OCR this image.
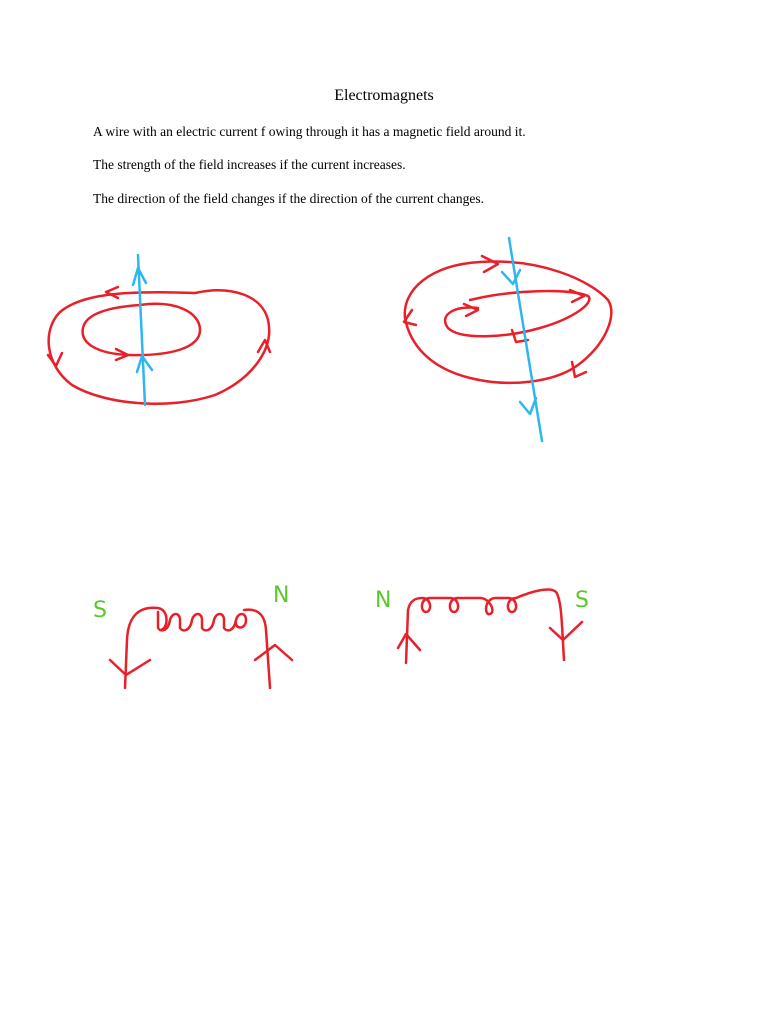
Electromagnets
A wire with an electric current f owing through it has a magnetic field around it.
The strength of the field increases if the current increases.
The direction of the field changes if the direction of the current changes.
S
N	N	S
